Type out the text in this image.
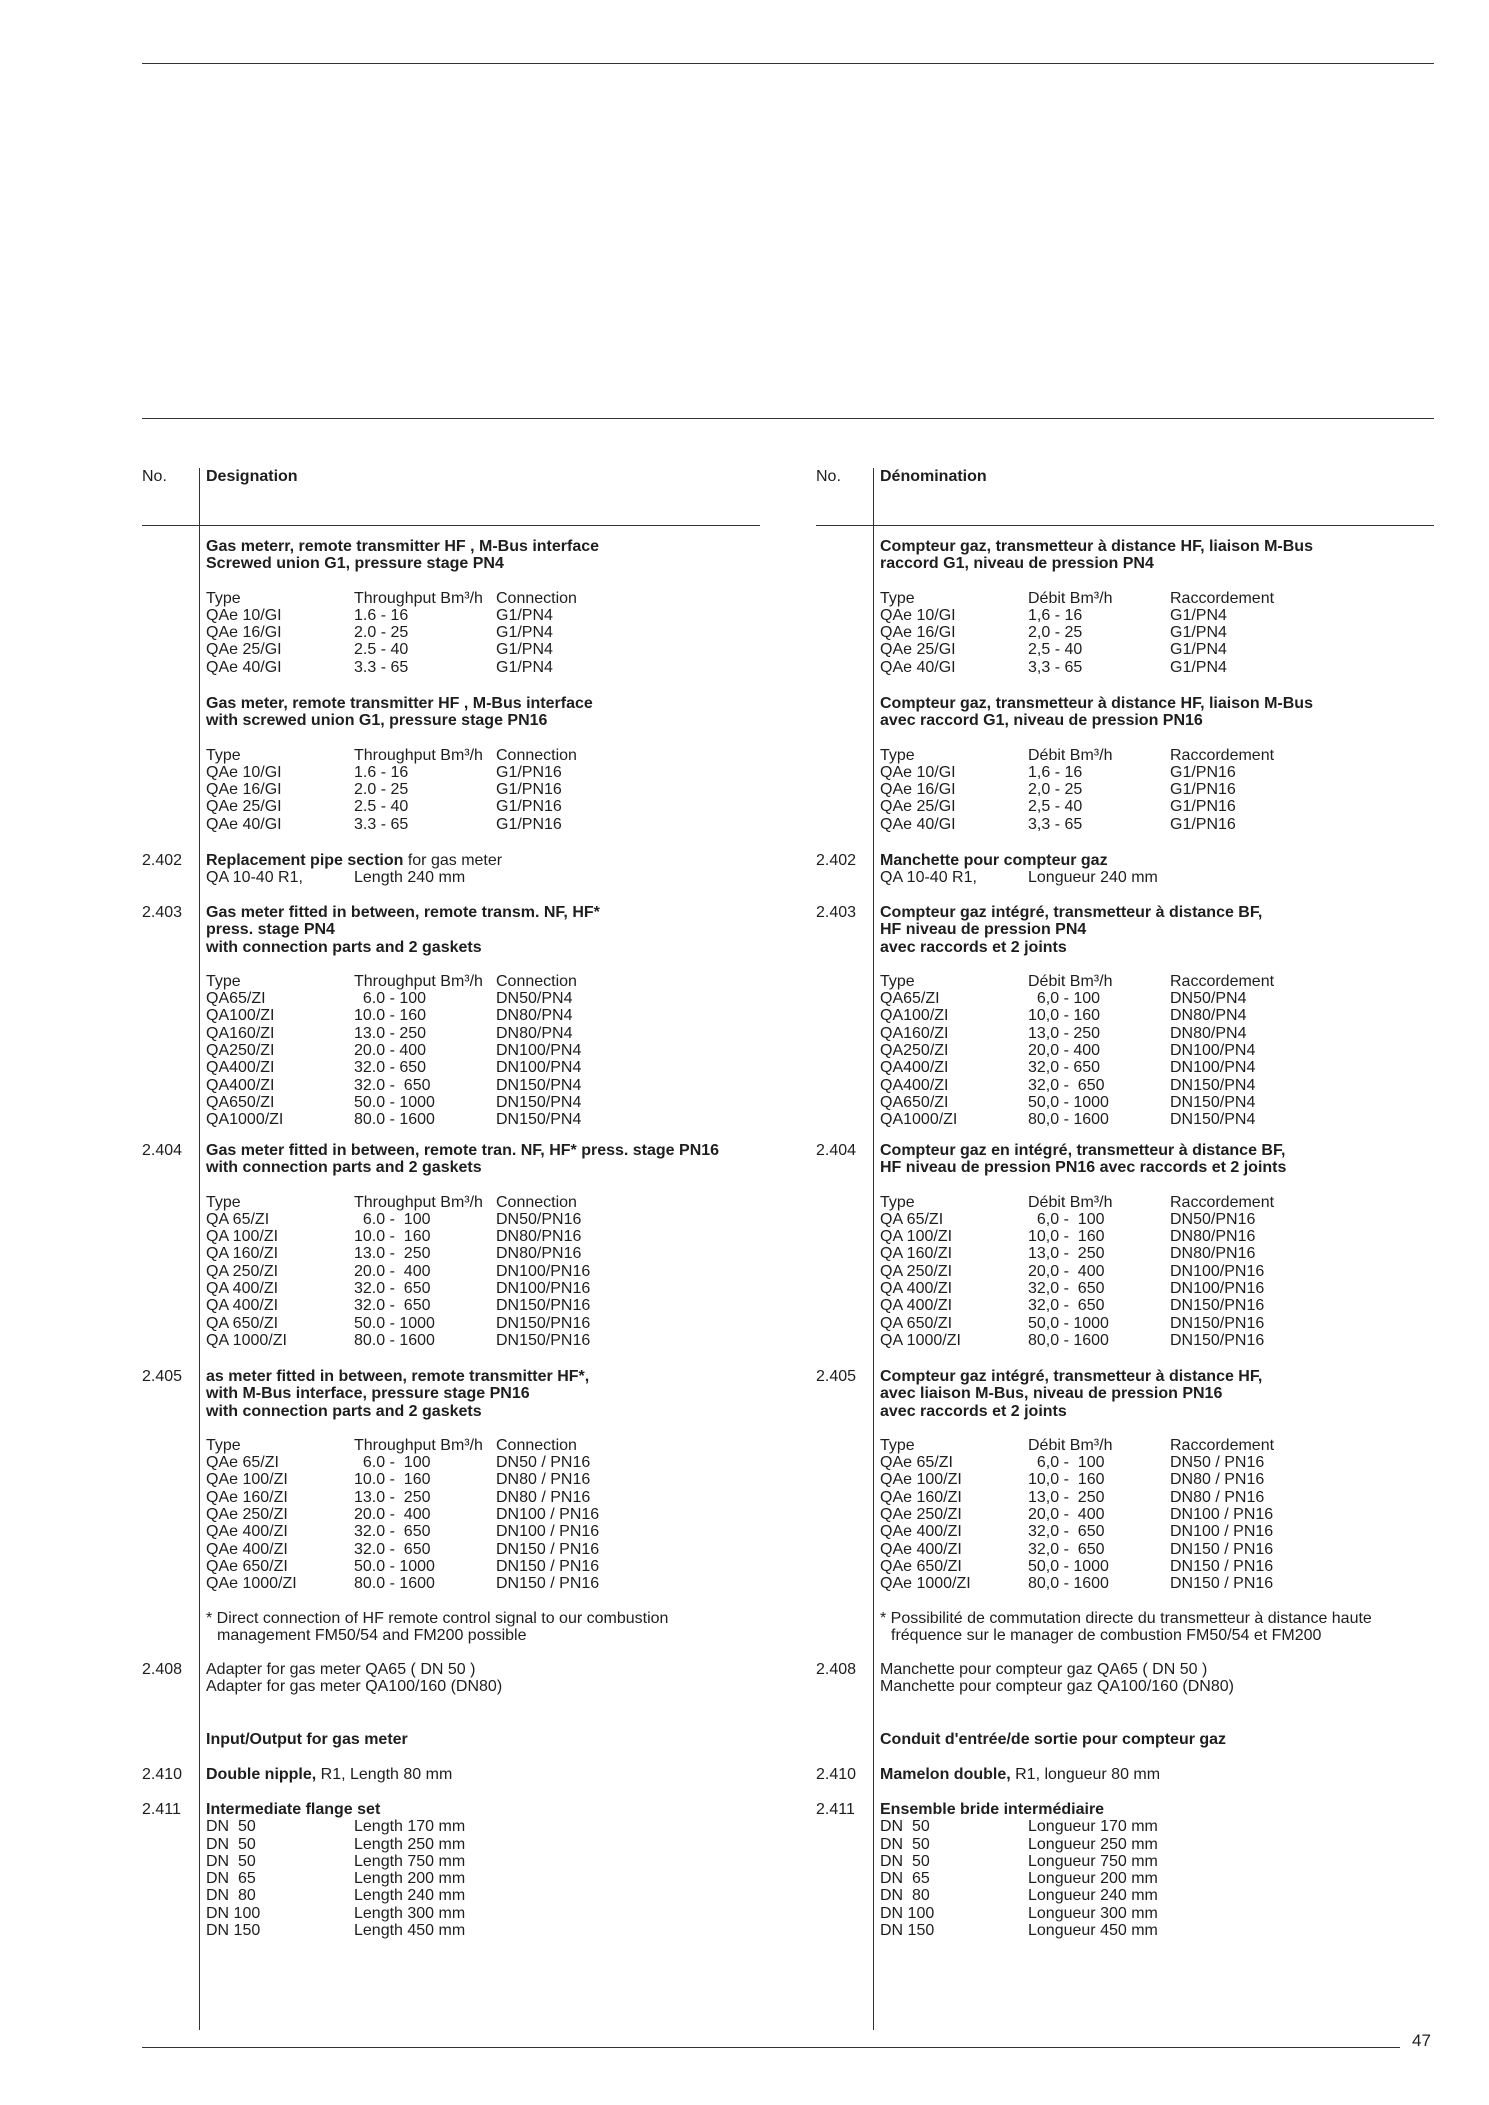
47
No.	Designation
Gas meterr, remote transmitter HF , M-Bus interface
Screwed union G1, pressure stage PN4
Type	Throughput Bm³/h Connection
QAe 10/GI	1.6 - 16	G1/PN4
QAe 16/GI	2.0 - 25	G1/PN4
QAe 25/GI	2.5 - 40	G1/PN4
QAe 40/GI	3.3 - 65	G1/PN4
Gas meter, remote transmitter HF , M-Bus interface
with screwed union G1, pressure stage PN16
Type	Throughput Bm³/h Connection
QAe 10/GI	1.6 - 16	G1/PN16
QAe 16/GI	2.0 - 25	G1/PN16
QAe 25/GI	2.5 - 40	G1/PN16
QAe 40/GI	3.3 - 65	G1/PN16
2.402	Replacement pipe section for gas meter
QA 10-40 R1,	Length 240 mm
2.403	Gas meter fitted in between, remote transm. NF, HF*
press. stage PN4
with connection parts and 2 gaskets
Type	Throughput Bm³/h Connection
QA65/ZI	6.0 - 100	DN50/PN4
QA100/ZI	10.0 - 160	DN80/PN4
QA160/ZI	13.0 - 250	DN80/PN4
QA250/ZI	20.0 - 400	DN100/PN4
QA400/ZI	32.0 - 650	DN100/PN4
QA400/ZI	32.0 -  650	DN150/PN4
QA650/ZI	50.0 - 1000	DN150/PN4
QA1000/ZI	80.0 - 1600	DN150/PN4
2.404	Gas meter fitted in between, remote tran. NF, HF* press. stage PN16
with connection parts and 2 gaskets
Type	Throughput Bm³/h Connection
QA 65/ZI	6.0 -  100	DN50/PN16
QA 100/ZI	10.0 -  160	DN80/PN16
QA 160/ZI	13.0 -  250	DN80/PN16
QA 250/ZI	20.0 -  400	DN100/PN16
QA 400/ZI	32.0 -  650	DN100/PN16
QA 400/ZI	32.0 -  650	DN150/PN16
QA 650/ZI	50.0 - 1000	DN150/PN16
QA 1000/ZI	80.0 - 1600	DN150/PN16
2.405	as meter fitted in between, remote transmitter HF*,
with M-Bus interface, pressure stage PN16
with connection parts and 2 gaskets
Type	Throughput Bm³/h Connection
QAe 65/ZI	6.0 -  100	DN50 / PN16
QAe 100/ZI	10.0 -  160	DN80 / PN16
QAe 160/ZI	13.0 -  250	DN80 / PN16
QAe 250/ZI	20.0 -  400	DN100 / PN16
QAe 400/ZI	32.0 -  650	DN100 / PN16
QAe 400/ZI	32.0 -  650	DN150 / PN16
QAe 650/ZI	50.0 - 1000	DN150 / PN16
QAe 1000/ZI	80.0 - 1600	DN150 / PN16
* Direct connection of HF remote control signal to our combustion management FM50/54 and FM200 possible
2.408	Adapter for gas meter QA65 ( DN 50 )
Adapter for gas meter QA100/160 (DN80)
Input/Output for gas meter
2.410	Double nipple, R1, Length 80 mm
2.411	Intermediate flange set
DN  50	Length 170 mm
DN  50	Length 250 mm
DN  50	Length 750 mm
DN  65	Length 200 mm
DN  80	Length 240 mm
DN 100	Length 300 mm
DN 150	Length 450 mm
No.	Dénomination
Compteur gaz, transmetteur à distance HF, liaison M-Bus
raccord G1, niveau de pression PN4
Type	Débit Bm³/h	Raccordement
QAe 10/GI	1,6 - 16	G1/PN4
QAe 16/GI	2,0 - 25	G1/PN4
QAe 25/GI	2,5 - 40	G1/PN4
QAe 40/GI	3,3 - 65	G1/PN4
Compteur gaz, transmetteur à distance HF, liaison M-Bus
avec raccord G1, niveau de pression PN16
Type	Débit Bm³/h	Raccordement
QAe 10/GI	1,6 - 16	G1/PN16
QAe 16/GI	2,0 - 25	G1/PN16
QAe 25/GI	2,5 - 40	G1/PN16
QAe 40/GI	3,3 - 65	G1/PN16
2.402	Manchette pour compteur gaz
QA 10-40 R1,	Longueur 240 mm
2.403	Compteur gaz intégré, transmetteur à distance BF,
HF niveau de pression PN4
avec raccords et 2 joints
Type	Débit Bm³/h	Raccordement
QA65/ZI	6,0 - 100	DN50/PN4
QA100/ZI	10,0 - 160	DN80/PN4
QA160/ZI	13,0 - 250	DN80/PN4
QA250/ZI	20,0 - 400	DN100/PN4
QA400/ZI	32,0 - 650	DN100/PN4
QA400/ZI	32,0 -  650	DN150/PN4
QA650/ZI	50,0 - 1000	DN150/PN4
QA1000/ZI	80,0 - 1600	DN150/PN4
2.404	Compteur gaz en intégré, transmetteur à distance BF,
HF niveau de pression PN16 avec raccords et 2 joints
Type	Débit Bm³/h	Raccordement
QA 65/ZI	6,0 -  100	DN50/PN16
QA 100/ZI	10,0 -  160	DN80/PN16
QA 160/ZI	13,0 -  250	DN80/PN16
QA 250/ZI	20,0 -  400	DN100/PN16
QA 400/ZI	32,0 -  650	DN100/PN16
QA 400/ZI	32,0 -  650	DN150/PN16
QA 650/ZI	50,0 - 1000	DN150/PN16
QA 1000/ZI	80,0 - 1600	DN150/PN16
2.405	Compteur gaz intégré, transmetteur à distance HF,
avec liaison M-Bus, niveau de pression PN16
avec raccords et 2 joints
Type	Débit Bm³/h	Raccordement
QAe 65/ZI	6,0 -  100	DN50 / PN16
QAe 100/ZI	10,0 -  160	DN80 / PN16
QAe 160/ZI	13,0 -  250	DN80 / PN16
QAe 250/ZI	20,0 -  400	DN100 / PN16
QAe 400/ZI	32,0 -  650	DN100 / PN16
QAe 400/ZI	32,0 -  650	DN150 / PN16
QAe 650/ZI	50,0 - 1000	DN150 / PN16
QAe 1000/ZI	80,0 - 1600	DN150 / PN16
* Possibilité de commutation directe du transmetteur à distance haute fréquence sur le manager de combustion FM50/54 et FM200
2.408	Manchette pour compteur gaz QA65 ( DN 50 )
Manchette pour compteur gaz QA100/160 (DN80)
Conduit d'entrée/de sortie pour compteur gaz
2.410	Mamelon double, R1, longueur 80 mm
2.411	Ensemble bride intermédiaire
DN  50	Longueur 170 mm
DN  50	Longueur 250 mm
DN  50	Longueur 750 mm
DN  65	Longueur 200 mm
DN  80	Longueur 240 mm
DN 100	Longueur 300 mm
DN 150	Longueur 450 mm
